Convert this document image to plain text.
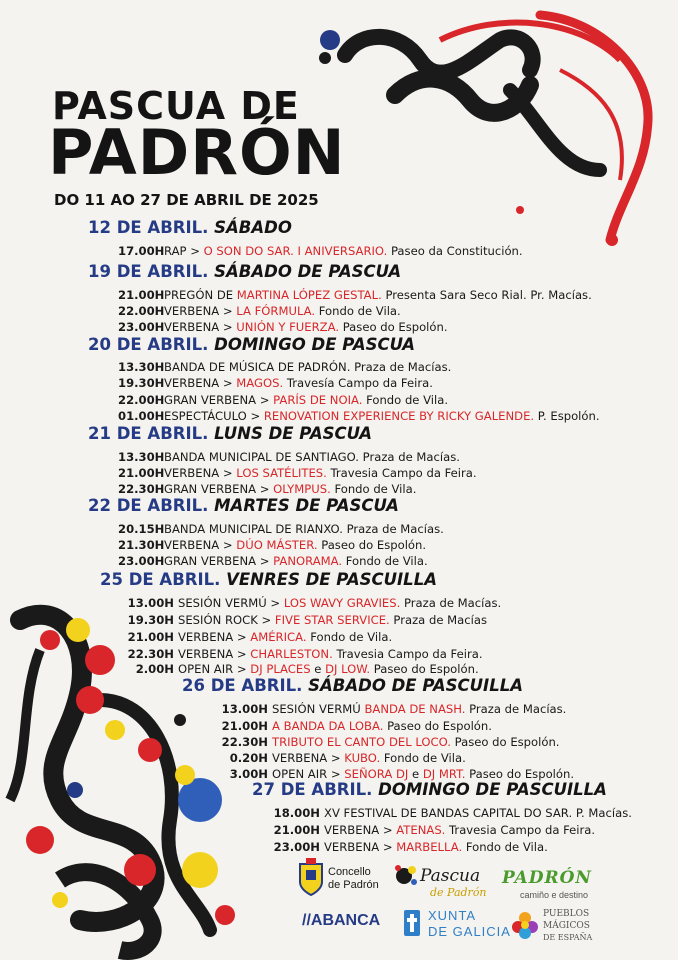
PASCUA DE
PADRÓN
DO 11 AO 27 DE ABRIL DE 2025
12 DE ABRIL. SÁBADO
17.00HRAP > O SON DO SAR. I ANIVERSARIO. Paseo da Constitución.
19 DE ABRIL. SÁBADO DE PASCUA
21.00HPREGÓN DE MARTINA LÓPEZ GESTAL. Presenta Sara Seco Rial. Pr. Macías.
22.00HVERBENA > LA FÓRMULA. Fondo de Vila.
23.00HVERBENA > UNIÓN Y FUERZA. Paseo do Espolón.
20 DE ABRIL. DOMINGO DE PASCUA
13.30HBANDA DE MÚSICA DE PADRÓN. Praza de Macías.
19.30HVERBENA > MAGOS. Travesía Campo da Feira.
22.00HGRAN VERBENA > PARÍS DE NOIA. Fondo de Vila.
01.00HESPECTÁCULO > RENOVATION EXPERIENCE BY RICKY GALENDE. P. Espolón.
21 DE ABRIL. LUNS DE PASCUA
13.30HBANDA MUNICIPAL DE SANTIAGO. Praza de Macías.
21.00HVERBENA > LOS SATÉLITES. Travesia Campo da Feira.
22.30HGRAN VERBENA > OLYMPUS. Fondo de Vila.
22 DE ABRIL. MARTES DE PASCUA
20.15HBANDA MUNICIPAL DE RIANXO. Praza de Macías.
21.30HVERBENA > DÚO MÁSTER. Paseo do Espolón.
23.00HGRAN VERBENA > PANORAMA. Fondo de Vila.
25 DE ABRIL. VENRES DE PASCUILLA
13.00H SESIÓN VERMÚ > LOS WAVY GRAVIES. Praza de Macías.
19.30H SESIÓN ROCK > FIVE STAR SERVICE. Praza de Macías
21.00H VERBENA > AMÉRICA. Fondo de Vila.
22.30H VERBENA > CHARLESTON. Travesia Campo da Feira.
2.00H OPEN AIR > DJ PLACES e DJ LOW. Paseo do Espolón.
26 DE ABRIL. SÁBADO DE PASCUILLA
13.00H SESIÓN VERMÚ BANDA DE NASH. Praza de Macías.
21.00H A BANDA DA LOBA. Paseo do Espolón.
22.30H TRIBUTO EL CANTO DEL LOCO. Paseo do Espolón.
0.20H VERBENA > KUBO. Fondo de Vila.
3.00H OPEN AIR > SEÑORA DJ e DJ MRT. Paseo do Espolón.
27 DE ABRIL. DOMINGO DE PASCUILLA
18.00H XV FESTIVAL DE BANDAS CAPITAL DO SAR. P. Macías.
21.00H VERBENA > ATENAS. Travesia Campo da Feira.
23.00H VERBENA > MARBELLA. Fondo de Vila.
Concello
de Padrón Pascua
de Padrón
PADRÓN
camiño e destino
//ABANCA	XUNTA
DE GALICIA
PUEBLOS
MÁGICOS
DE ESPAÑA
